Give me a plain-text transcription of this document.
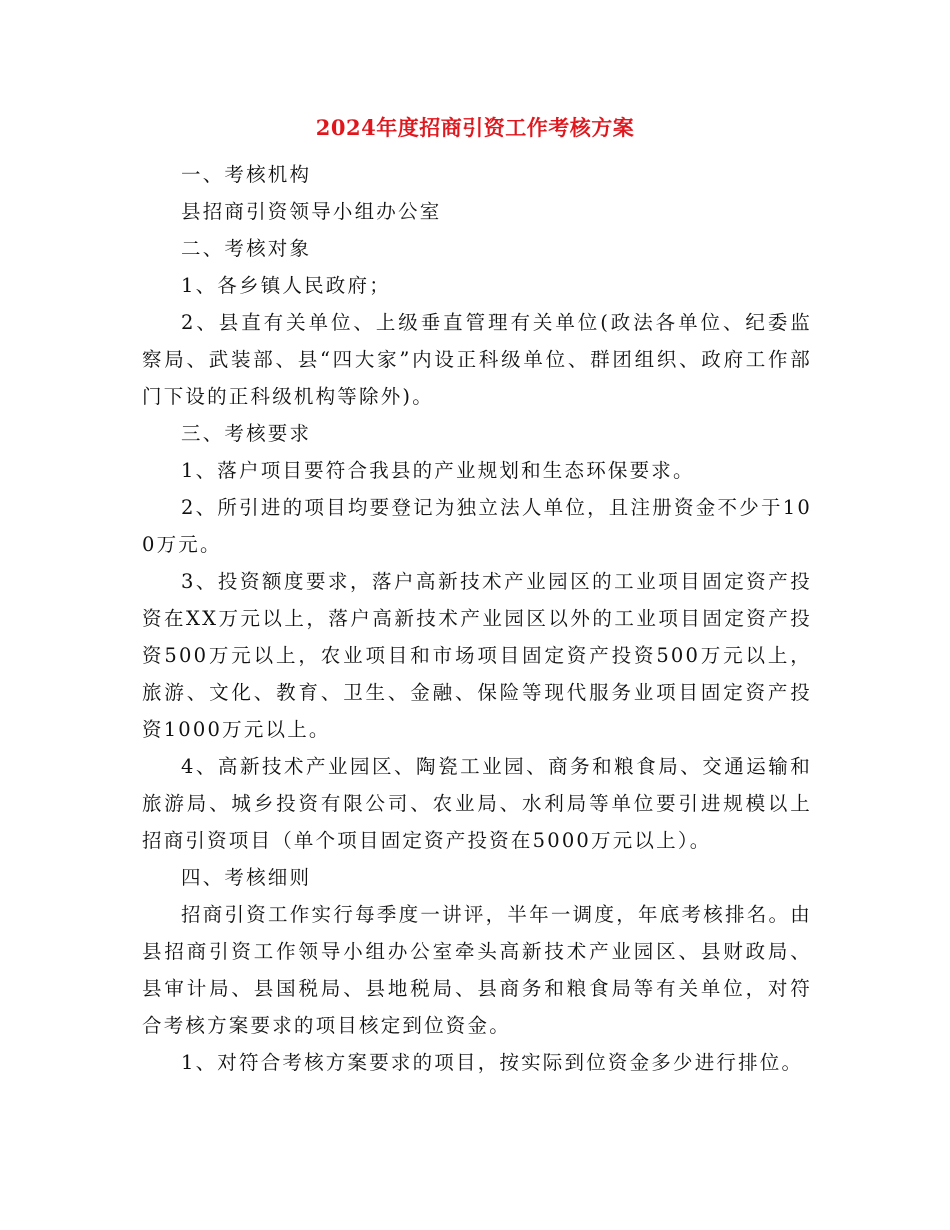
2024年度招商引资工作考核方案

一、考核机构

县招商引资领导小组办公室

二、考核对象

1、各乡镇人民政府；

2、县直有关单位、上级垂直管理有关单位(政法各单位、纪委监察局、武装部、县“四大家”内设正科级单位、群团组织、政府工作部门下设的正科级机构等除外)。

三、考核要求

1、落户项目要符合我县的产业规划和生态环保要求。

2、所引进的项目均要登记为独立法人单位，且注册资金不少于100万元。

3、投资额度要求，落户高新技术产业园区的工业项目固定资产投资在XX万元以上，落户高新技术产业园区以外的工业项目固定资产投资500万元以上，农业项目和市场项目固定资产投资500万元以上，旅游、文化、教育、卫生、金融、保险等现代服务业项目固定资产投资1000万元以上。

4、高新技术产业园区、陶瓷工业园、商务和粮食局、交通运输和旅游局、城乡投资有限公司、农业局、水利局等单位要引进规模以上招商引资项目（单个项目固定资产投资在5000万元以上）。

四、考核细则

招商引资工作实行每季度一讲评，半年一调度，年底考核排名。由县招商引资工作领导小组办公室牵头高新技术产业园区、县财政局、县审计局、县国税局、县地税局、县商务和粮食局等有关单位，对符合考核方案要求的项目核定到位资金。

1、对符合考核方案要求的项目，按实际到位资金多少进行排位。
